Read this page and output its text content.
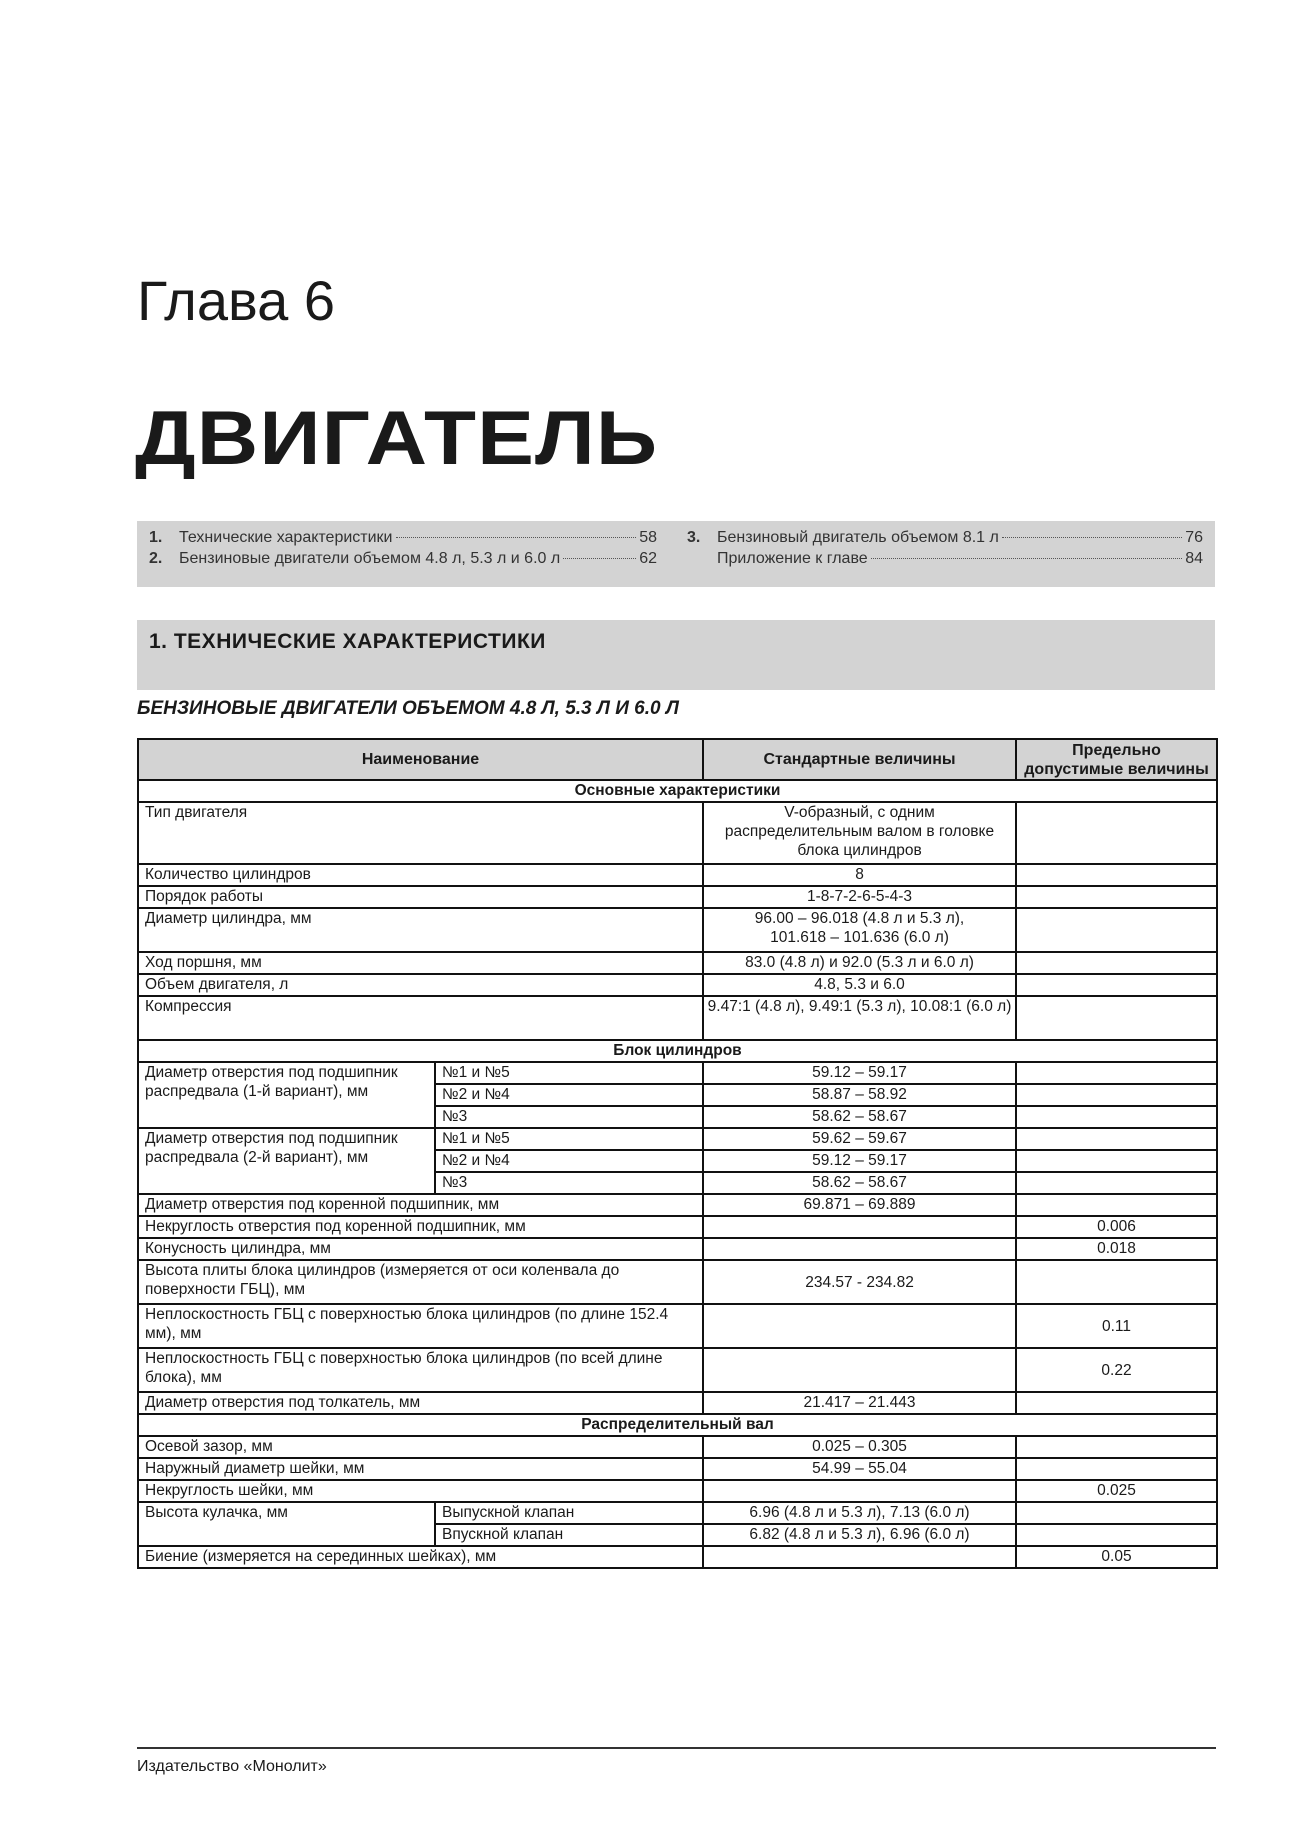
Глава 6
ДВИГАТЕЛЬ
1.	Технические характеристики	58
2.	Бензиновые двигатели объемом 4.8 л, 5.3 л и 6.0 л	62
3.	Бензиновый двигатель объемом 8.1 л	76
Приложение к главе	84
1. ТЕХНИЧЕСКИЕ ХАРАКТЕРИСТИКИ
БЕНЗИНОВЫЕ ДВИГАТЕЛИ ОБЪЕМОМ 4.8 Л, 5.3 Л И 6.0 Л
Наименование		Стандартные величины	Предельно допустимые величины
Основные характеристики			
Тип двигателя		V-образный, с одним распределительным валом в головке блока цилиндров	
Количество цилиндров		8	
Порядок работы		1-8-7-2-6-5-4-3	
Диаметр цилиндра, мм		96.00 – 96.018 (4.8 л и 5.3 л), 101.618 – 101.636 (6.0 л)	
Ход поршня, мм		83.0 (4.8 л) и 92.0 (5.3 л и 6.0 л)	
Объем двигателя, л		4.8, 5.3 и 6.0	
Компрессия		9.47:1 (4.8 л), 9.49:1 (5.3 л), 10.08:1 (6.0 л)	
Блок цилиндров			
Диаметр отверстия под подшипник распредвала (1-й вариант), мм	№1 и №5	59.12 – 59.17	
	№2 и №4	58.87 – 58.92	
	№3	58.62 – 58.67	
Диаметр отверстия под подшипник распредвала (2-й вариант), мм	№1 и №5	59.62 – 59.67	
	№2 и №4	59.12 – 59.17	
	№3	58.62 – 58.67	
Диаметр отверстия под коренной подшипник, мм		69.871 – 69.889	
Некруглость отверстия под коренной подшипник, мм			0.006
Конусность цилиндра, мм			0.018
Высота плиты блока цилиндров (измеряется от оси коленвала до поверхности ГБЦ), мм		234.57 - 234.82	
Неплоскостность ГБЦ с поверхностью блока цилиндров (по длине 152.4 мм), мм			0.11
Неплоскостность ГБЦ с поверхностью блока цилиндров (по всей длине блока), мм			0.22
Диаметр отверстия под толкатель, мм		21.417 – 21.443	
Распределительный вал			
Осевой зазор, мм		0.025 – 0.305	
Наружный диаметр шейки, мм		54.99 – 55.04	
Некруглость шейки, мм			0.025
Высота кулачка, мм	Выпускной клапан	6.96 (4.8 л и 5.3 л), 7.13 (6.0 л)	
	Впускной клапан	6.82 (4.8 л и 5.3 л), 6.96 (6.0 л)	
Биение (измеряется на серединных шейках), мм			0.05
Издательство «Монолит»
